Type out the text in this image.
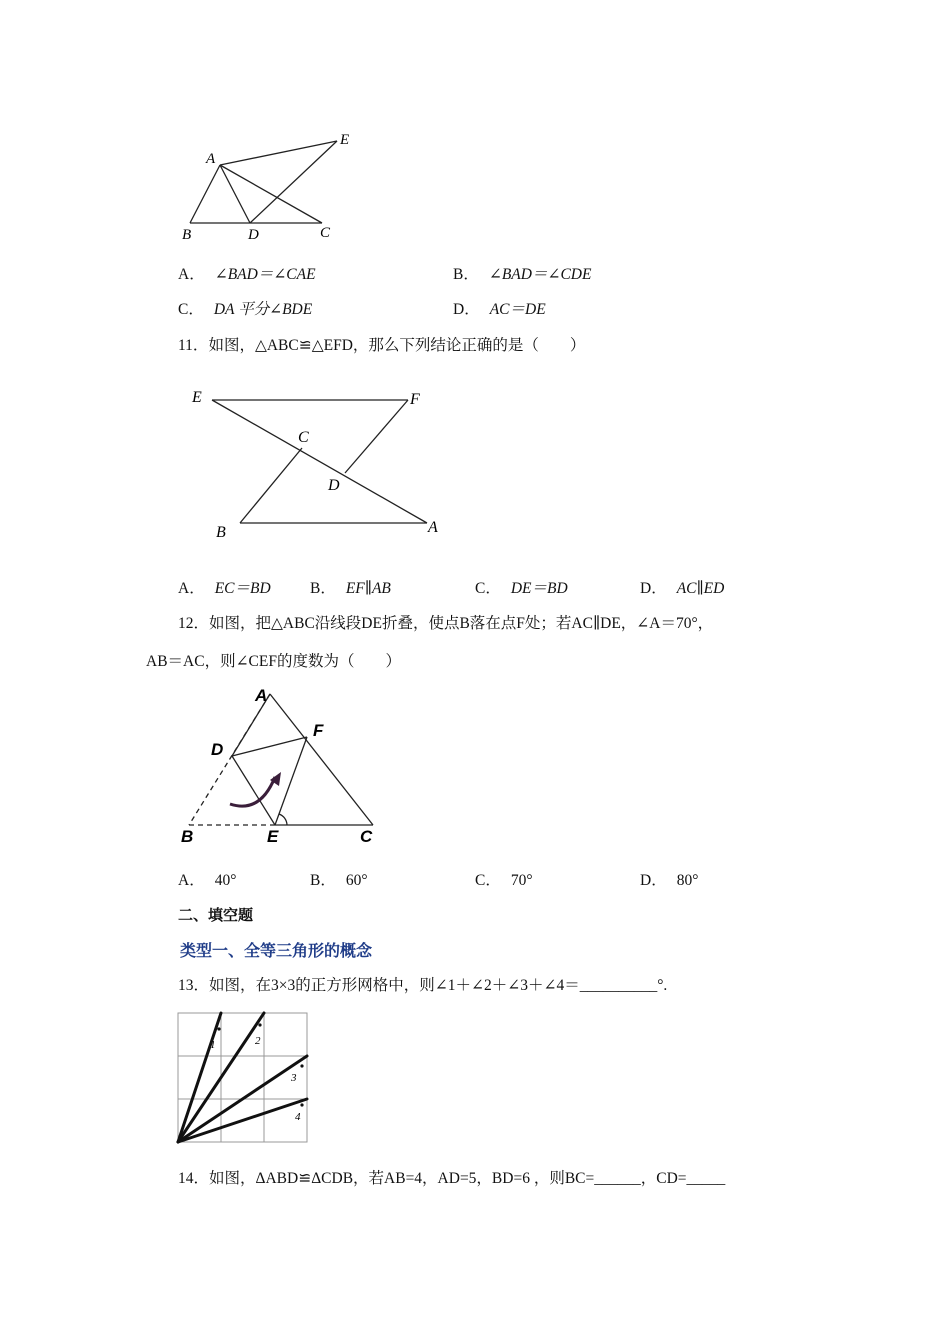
A
E
B	D	C
A． ∠BAD＝∠CAE	B． ∠BAD＝∠CDE
C． DA 平分∠BDE	D． AC＝DE
11．如图，△ABC≌△EFD，那么下列结论正确的是（　　）
E	F
C
D
B	A
A． EC＝BD	B． EF∥AB	C． DE＝BD	D． AC∥ED
12．如图，把△ABC沿线段DE折叠，使点B落在点F处；若AC∥DE，∠A＝70°，
AB＝AC，则∠CEF的度数为（　　）
A
F
D
B	E	C
A． 40°	B． 60°	C． 70°	D． 80°
二、填空题
类型一、全等三角形的概念
13．如图，在3×3的正方形网格中，则∠1＋∠2＋∠3＋∠4＝__________°.
1	2
3
4
14．如图，ΔABD≌ΔCDB，若AB=4，AD=5，BD=6 ，则BC=______，CD=_____
